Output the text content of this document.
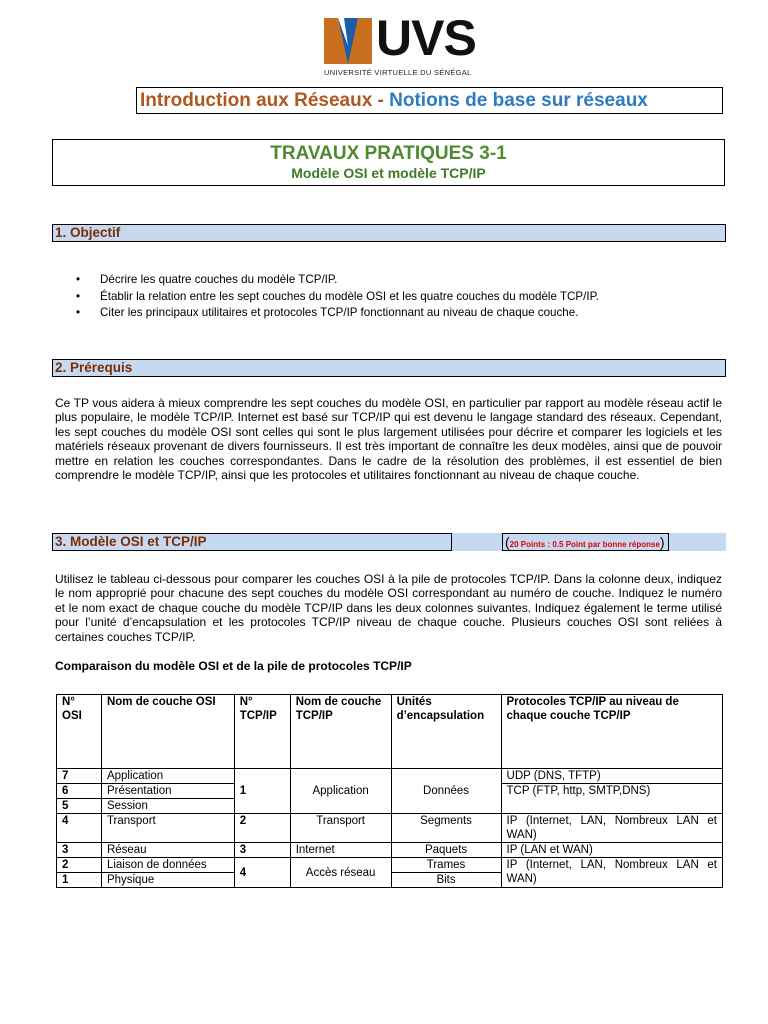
UVS
UNIVERSITÉ VIRTUELLE DU SÉNÉGAL
Introduction aux Réseaux - Notions de base sur réseaux
TRAVAUX PRATIQUES 3-1
Modèle OSI et modèle TCP/IP
1. Objectif
• Décrire les quatre couches du modèle TCP/IP.
• Établir la relation entre les sept couches du modèle OSI et les quatre couches du modèle TCP/IP.
• Citer les principaux utilitaires et protocoles TCP/IP fonctionnant au niveau de chaque couche.
2. Prérequis
Ce TP vous aidera à mieux comprendre les sept couches du modèle OSI, en particulier par rapport au modèle réseau actif le plus populaire, le modèle TCP/IP. Internet est basé sur TCP/IP qui est devenu le langage standard des réseaux. Cependant, les sept couches du modèle OSI sont celles qui sont le plus largement utilisées pour décrire et comparer les logiciels et les matériels réseaux provenant de divers fournisseurs. Il est très important de connaître les deux modèles, ainsi que de pouvoir mettre en relation les couches correspondantes. Dans le cadre de la résolution des problèmes, il est essentiel de bien comprendre le modèle TCP/IP, ainsi que les protocoles et utilitaires fonctionnant au niveau de chaque couche.
3. Modèle OSI et TCP/IP	(20 Points : 0.5 Point par bonne réponse)
Utilisez le tableau ci-dessous pour comparer les couches OSI à la pile de protocoles TCP/IP. Dans la colonne deux, indiquez le nom approprié pour chacune des sept couches du modèle OSI correspondant au numéro de couche. Indiquez le numéro et le nom exact de chaque couche du modèle TCP/IP dans les deux colonnes suivantes. Indiquez également le terme utilisé pour l’unité d’encapsulation et les protocoles TCP/IP niveau de chaque couche. Plusieurs couches OSI sont reliées à certaines couches TCP/IP.
Comparaison du modèle OSI et de la pile de protocoles TCP/IP
N° OSI	Nom de couche OSI	N° TCP/IP	Nom de couche TCP/IP	Unités d’encapsulation	Protocoles TCP/IP au niveau de chaque couche TCP/IP
7	Application	1	Application	Données	UDP (DNS, TFTP)
6	Présentation				TCP (FTP, http, SMTP,DNS)
5	Session				
4	Transport	2	Transport	Segments	IP (Internet, LAN, Nombreux LAN et WAN)
3	Réseau	3	Internet	Paquets	IP (LAN et WAN)
2	Liaison de données	4	Accès réseau	Trames	IP (Internet, LAN, Nombreux LAN et WAN)
1	Physique			Bits	
